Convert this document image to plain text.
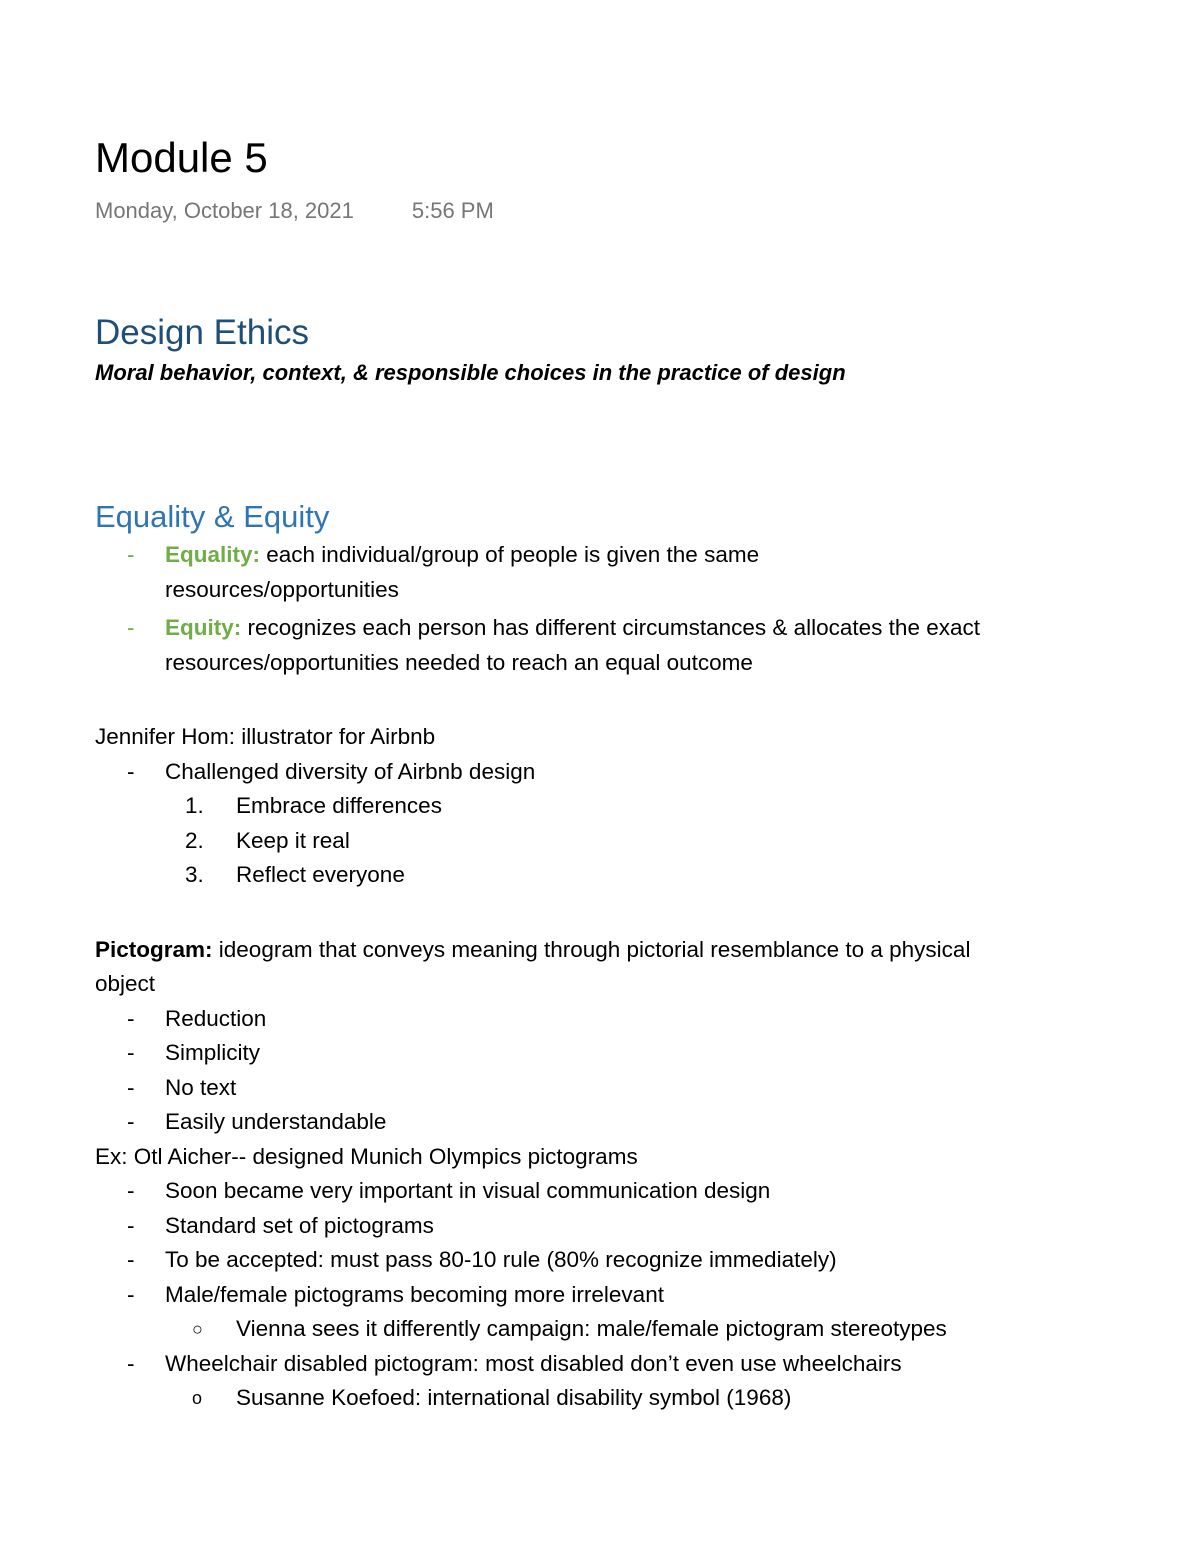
Module 5
Monday, October 18, 2021	5:56 PM
Design Ethics
Moral behavior, context, & responsible choices in the practice of design
Equality & Equity
- Equality: each individual/group of people is given the same
resources/opportunities
- Equity: recognizes each person has different circumstances & allocates the exact
resources/opportunities needed to reach an equal outcome
Jennifer Hom: illustrator for Airbnb
- Challenged diversity of Airbnb design
1. Embrace differences
2. Keep it real
3. Reflect everyone
Pictogram: ideogram that conveys meaning through pictorial resemblance to a physical
object
- Reduction
- Simplicity
- No text
- Easily understandable
Ex: Otl Aicher-- designed Munich Olympics pictograms
- Soon became very important in visual communication design
- Standard set of pictograms
- To be accepted: must pass 80-10 rule (80% recognize immediately)
- Male/female pictograms becoming more irrelevant
○ Vienna sees it differently campaign: male/female pictogram stereotypes
- Wheelchair disabled pictogram: most disabled don’t even use wheelchairs
o Susanne Koefoed: international disability symbol (1968)
